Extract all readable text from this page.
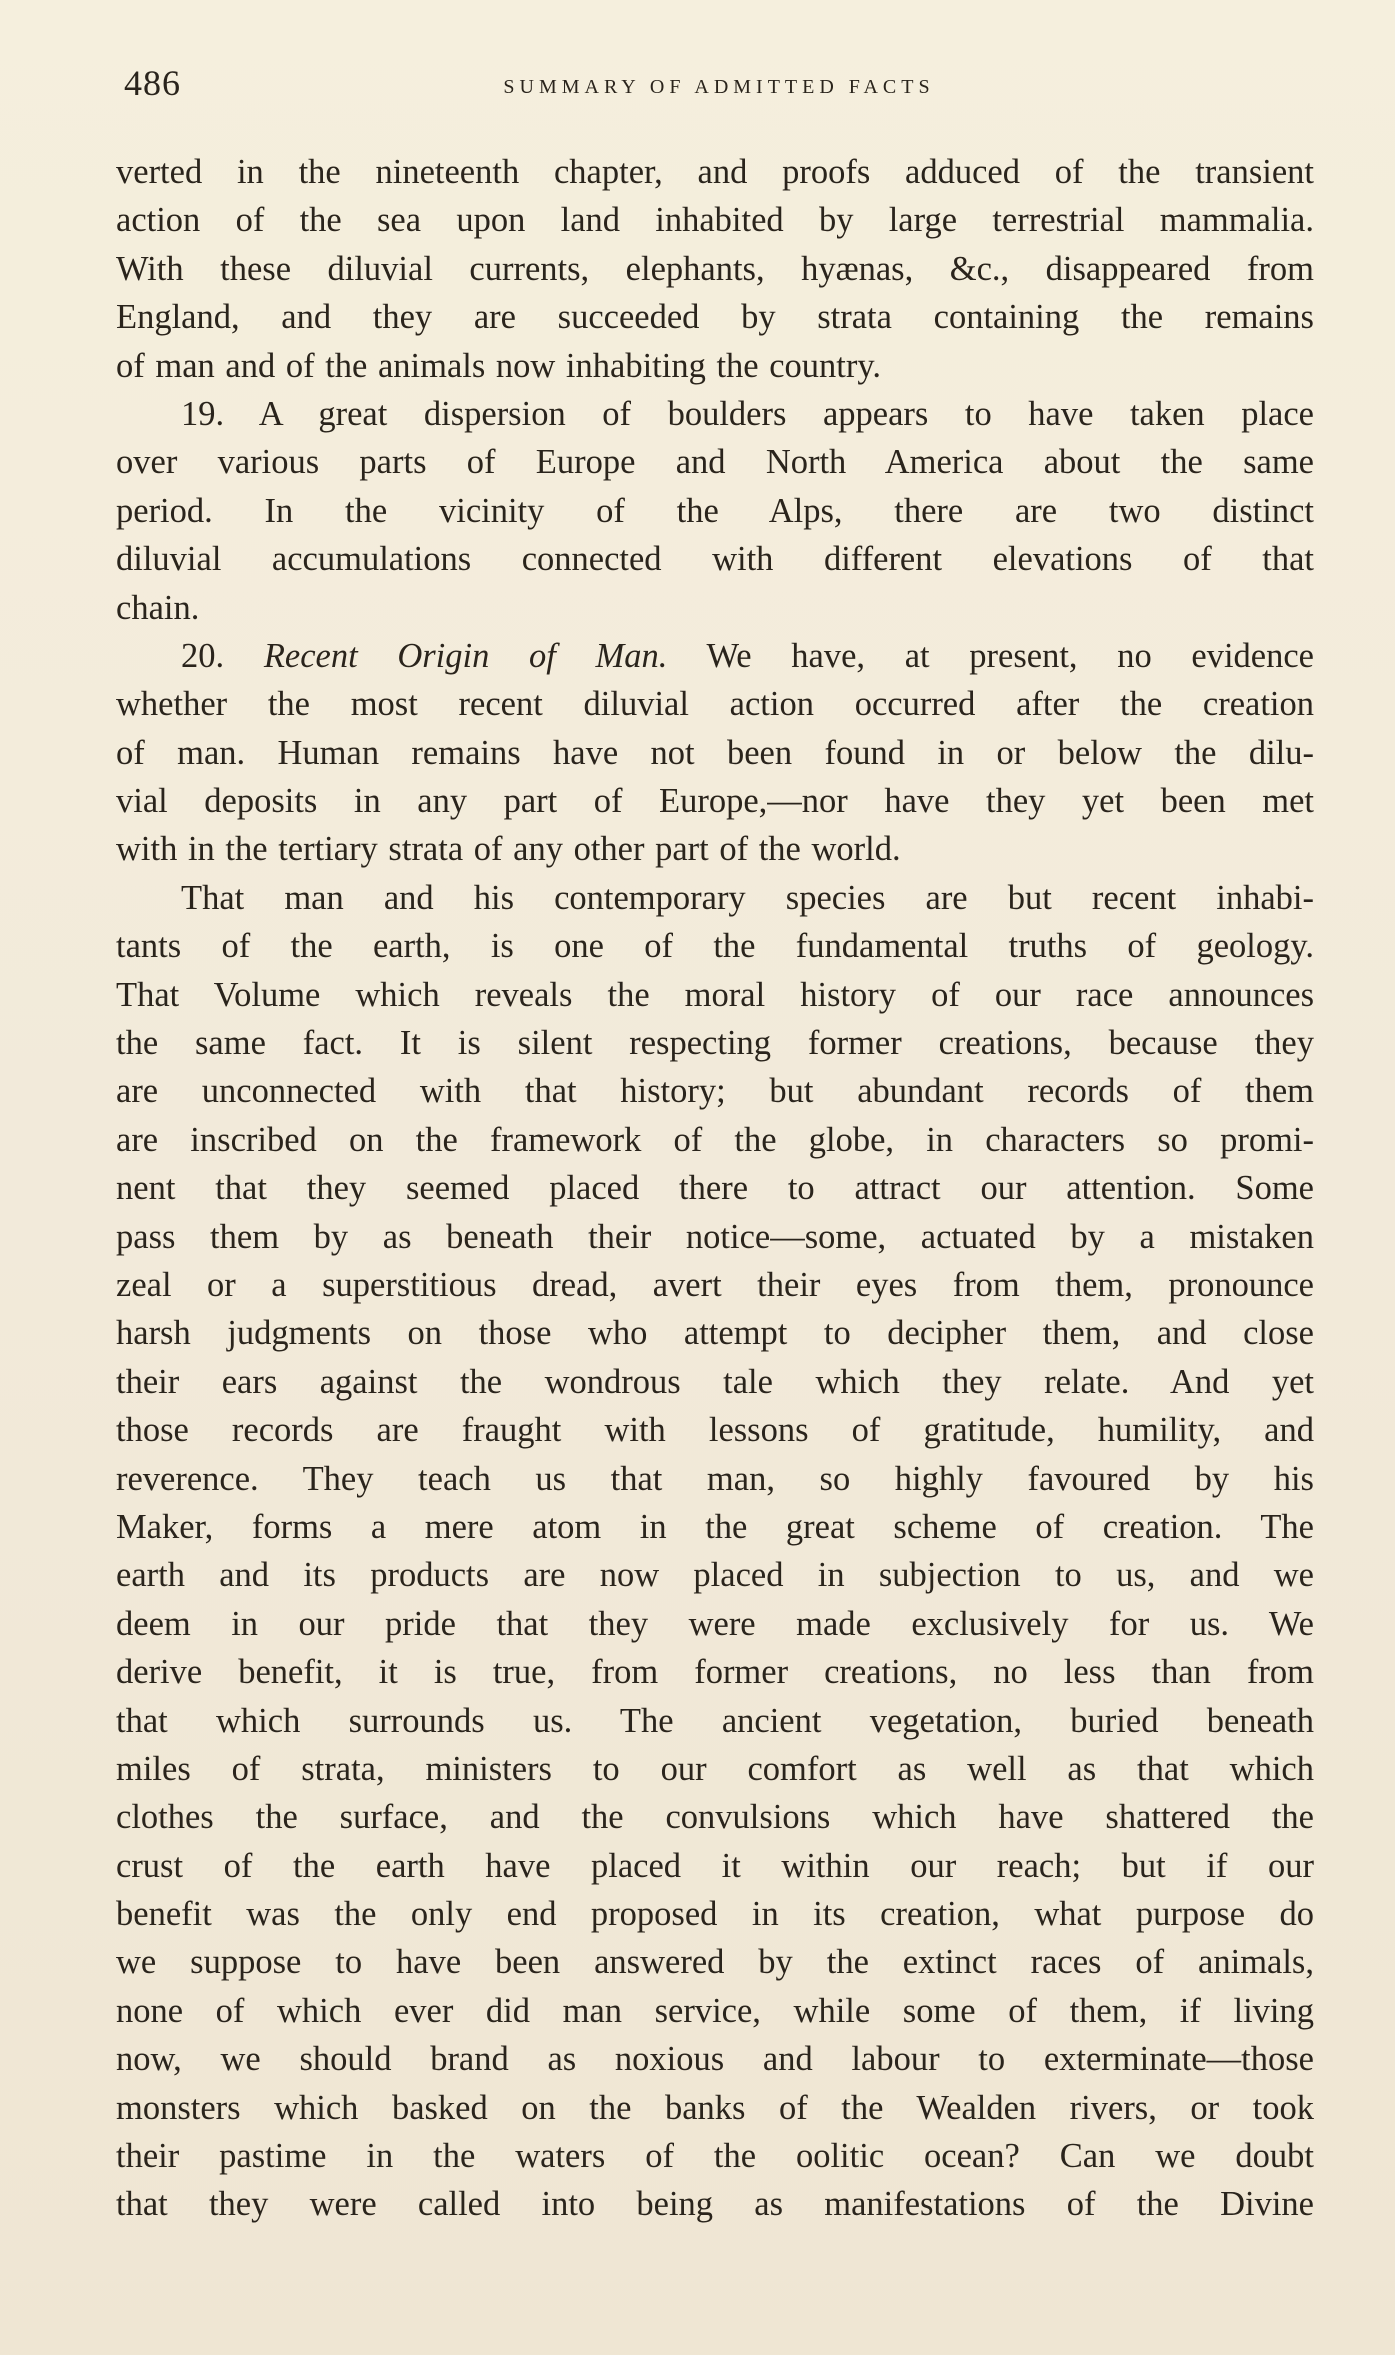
486	SUMMARY OF ADMITTED FACTS
verted in the nineteenth chapter, and proofs adduced of the transient
action of the sea upon land inhabited by large terrestrial mammalia.
With these diluvial currents, elephants, hyænas, &c., disappeared from
England, and they are succeeded by strata containing the remains
of man and of the animals now inhabiting the country.
19. A great dispersion of boulders appears to have taken place
over various parts of Europe and North America about the same
period. In the vicinity of the Alps, there are two distinct
diluvial accumulations connected with different elevations of that
chain.
20. Recent Origin of Man. We have, at present, no evidence
whether the most recent diluvial action occurred after the creation
of man. Human remains have not been found in or below the dilu-
vial deposits in any part of Europe,—nor have they yet been met
with in the tertiary strata of any other part of the world.
That man and his contemporary species are but recent inhabi-
tants of the earth, is one of the fundamental truths of geology.
That Volume which reveals the moral history of our race announces
the same fact. It is silent respecting former creations, because they
are unconnected with that history; but abundant records of them
are inscribed on the framework of the globe, in characters so promi-
nent that they seemed placed there to attract our attention. Some
pass them by as beneath their notice—some, actuated by a mistaken
zeal or a superstitious dread, avert their eyes from them, pronounce
harsh judgments on those who attempt to decipher them, and close
their ears against the wondrous tale which they relate. And yet
those records are fraught with lessons of gratitude, humility, and
reverence. They teach us that man, so highly favoured by his
Maker, forms a mere atom in the great scheme of creation. The
earth and its products are now placed in subjection to us, and we
deem in our pride that they were made exclusively for us. We
derive benefit, it is true, from former creations, no less than from
that which surrounds us. The ancient vegetation, buried beneath
miles of strata, ministers to our comfort as well as that which
clothes the surface, and the convulsions which have shattered the
crust of the earth have placed it within our reach; but if our
benefit was the only end proposed in its creation, what purpose do
we suppose to have been answered by the extinct races of animals,
none of which ever did man service, while some of them, if living
now, we should brand as noxious and labour to exterminate—those
monsters which basked on the banks of the Wealden rivers, or took
their pastime in the waters of the oolitic ocean? Can we doubt
that they were called into being as manifestations of the Divine
